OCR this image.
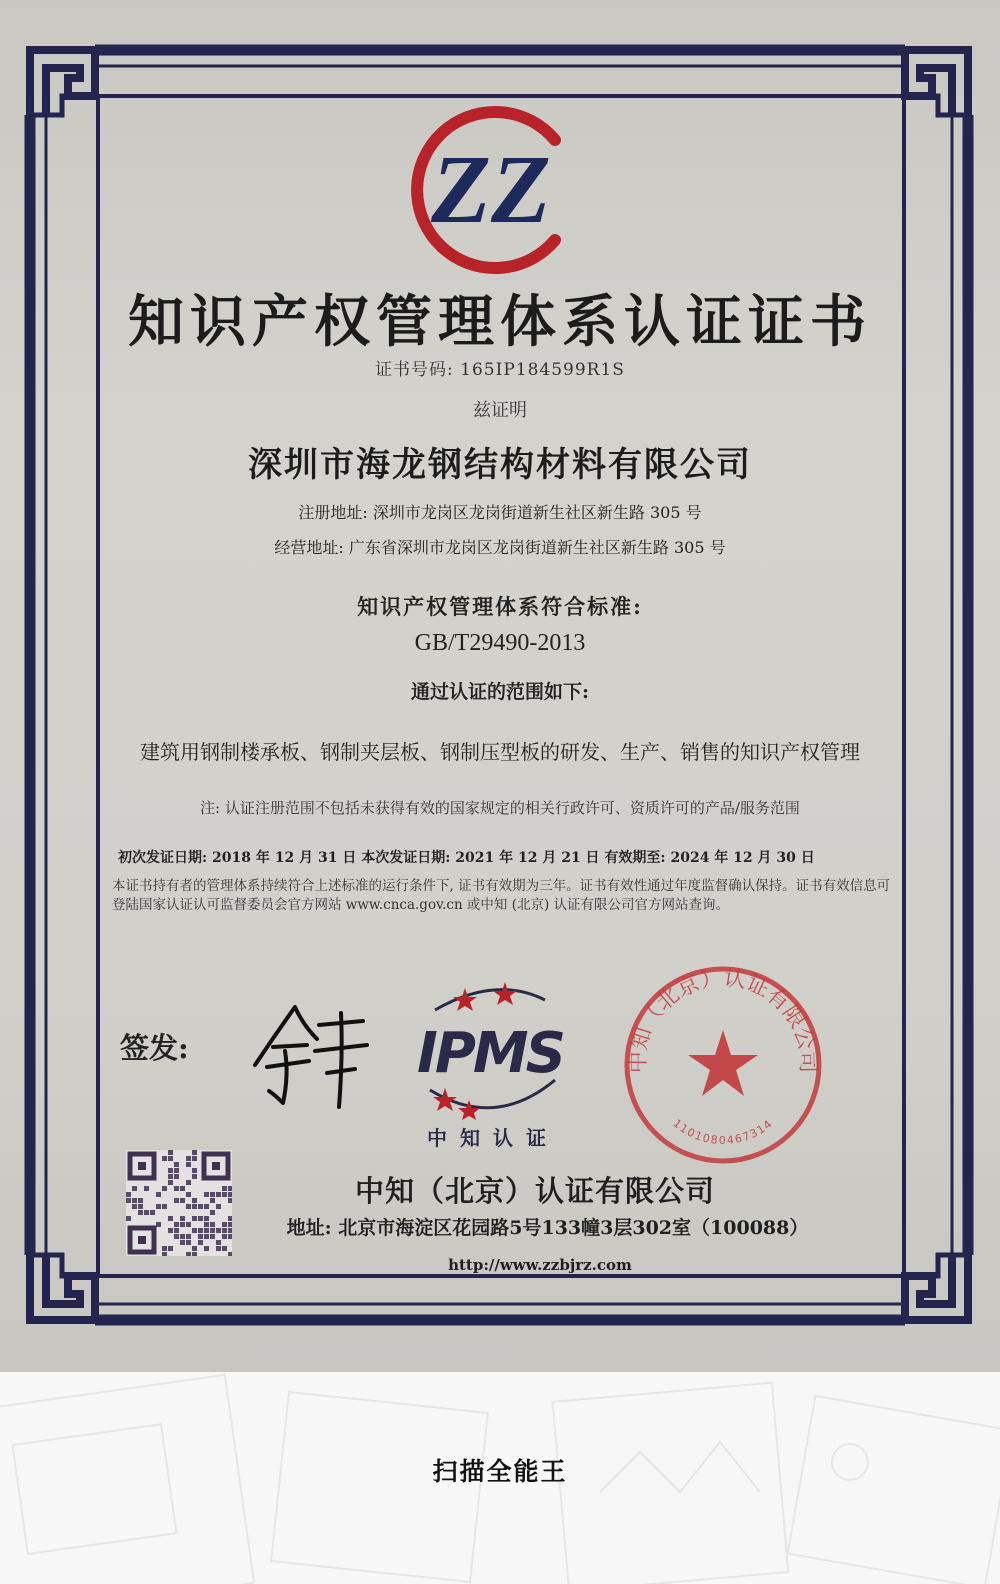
ZZ
知识产权管理体系认证证书
证书号码: 165IP184599R1S
兹证明
深圳市海龙钢结构材料有限公司
注册地址: 深圳市龙岗区龙岗街道新生社区新生路 305 号
经营地址: 广东省深圳市龙岗区龙岗街道新生社区新生路 305 号
知识产权管理体系符合标准:
GB/T29490-2013
通过认证的范围如下:
建筑用钢制楼承板、钢制夹层板、钢制压型板的研发、生产、销售的知识产权管理
注: 认证注册范围不包括未获得有效的国家规定的相关行政许可、资质许可的产品/服务范围
初次发证日期: 2018 年 12 月 31 日 本次发证日期: 2021 年 12 月 21 日 有效期至: 2024 年 12 月 30 日
本证书持有者的管理体系持续符合上述标准的运行条件下, 证书有效期为三年。证书有效性通过年度监督确认保持。证书有效信息可登陆国家认证认可监督委员会官方网站 www.cnca.gov.cn 或中知 (北京) 认证有限公司官方网站查询。
签发:	IPMS
中知认证
中知（北京）认证有限公司
1101080467314
中知（北京）认证有限公司
地址: 北京市海淀区花园路5号133幢3层302室（100088）
http://www.zzbjrz.com
扫描全能王
